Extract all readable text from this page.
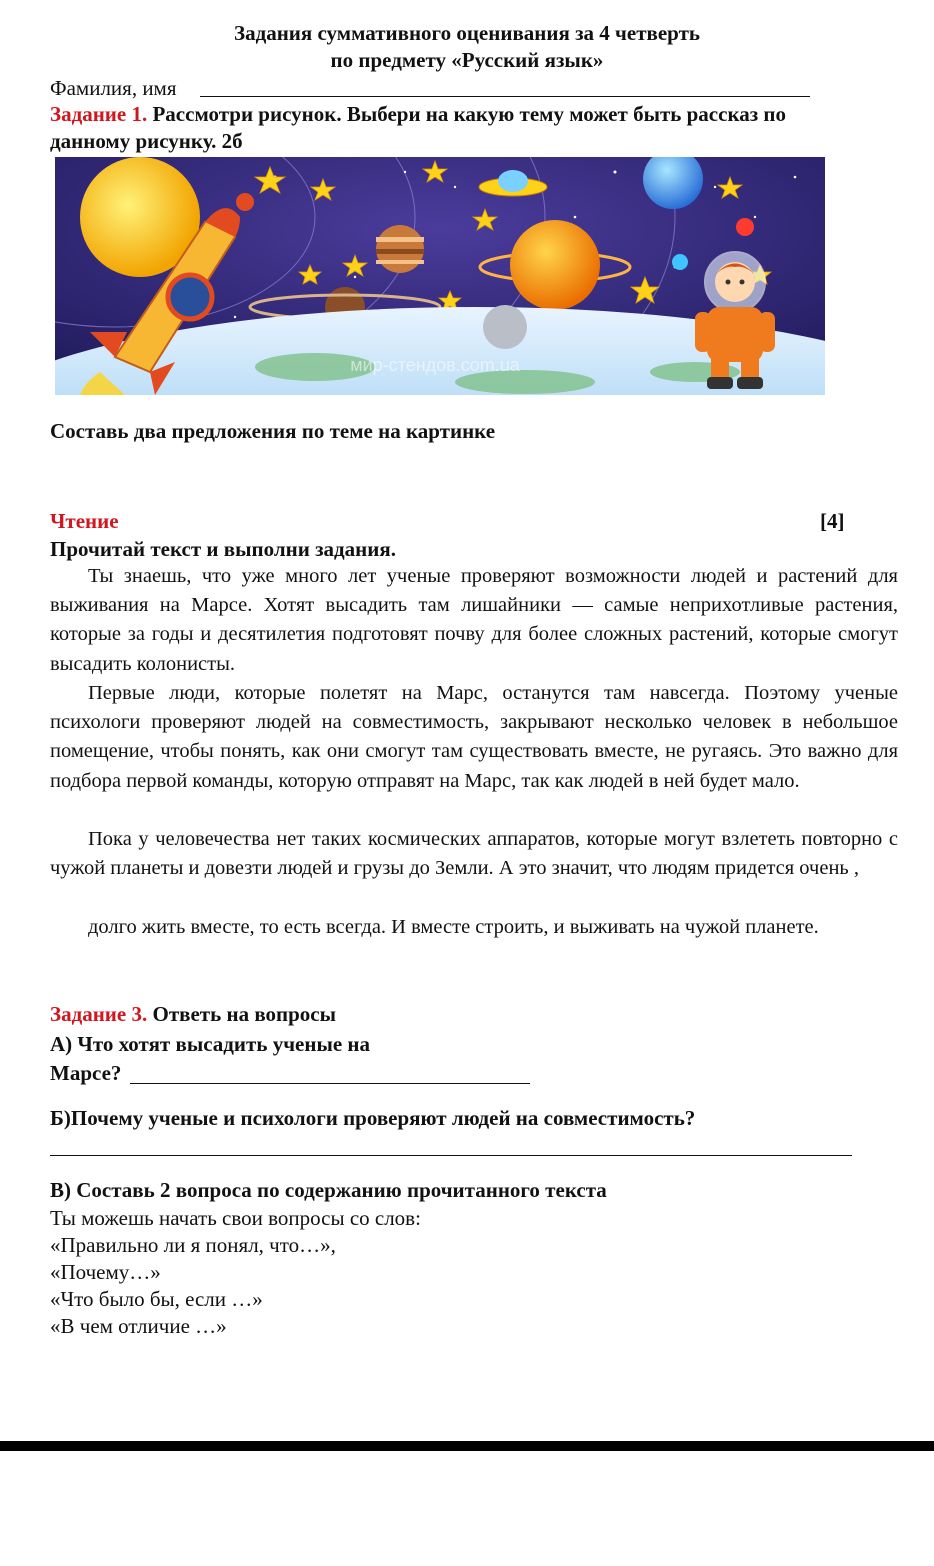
Задания суммативного оценивания за 4 четверть
по предмету «Русский язык»
Фамилия, имя
Задание 1. Рассмотри рисунок. Выбери на какую тему может быть рассказ по
данному рисунку. 2б
мир-стендов.com.ua
Составь два предложения по теме на картинке
Чтение	[4]
Прочитай текст и выполни задания.
Ты знаешь, что уже много лет ученые проверяют возможности людей и растений для выживания на Марсе. Хотят высадить там лишайники — самые неприхотливые растения, которые за годы и десятилетия подготовят почву для более сложных растений, которые смогут высадить колонисты.
Первые люди, которые полетят на Марс, останутся там навсегда. Поэтому ученые психологи проверяют людей на совместимость, закрывают несколько человек в небольшое помещение, чтобы понять, как они смогут там существовать вместе, не ругаясь. Это важно для подбора первой команды, которую отправят на Марс, так как людей в ней будет мало.
Пока у человечества нет таких космических аппаратов, которые могут взлететь повторно с чужой планеты и довезти людей и грузы до Земли. А это значит, что людям придется очень ,
долго жить вместе, то есть всегда. И вместе строить, и выживать на чужой планете.
Задание 3. Ответь на вопросы
А) Что хотят высадить ученые на
Марсе?
Б)Почему ученые и психологи проверяют людей на совместимость?
В) Составь 2 вопроса по содержанию прочитанного текста
Ты можешь начать свои вопросы со слов:
«Правильно ли я понял, что…»,
«Почему…»
«Что было бы, если …»
«В чем отличие …»
